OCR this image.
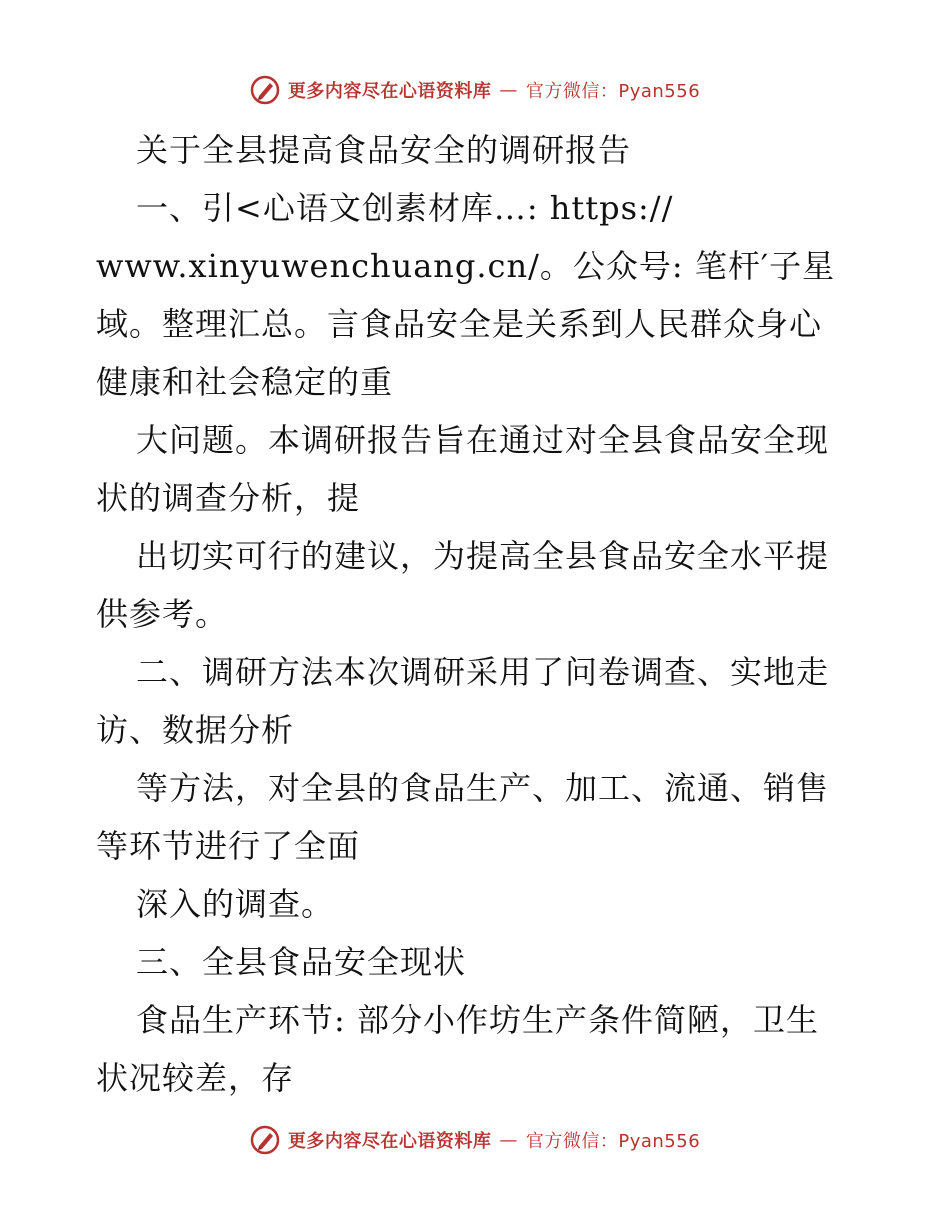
更多内容尽在心语资料库 — 官方微信：Pyan556
关于全县提高食品安全的调研报告
一、引<心语文创素材库…: https://
www.xinyuwenchuang.cn/。公众号: 笔杆′子星
域。整理汇总。言食品安全是关系到人民群众身心
健康和社会稳定的重
大问题。本调研报告旨在通过对全县食品安全现
状的调查分析，提
出切实可行的建议，为提高全县食品安全水平提
供参考。
二、调研方法本次调研采用了问卷调查、实地走
访、数据分析
等方法，对全县的食品生产、加工、流通、销售
等环节进行了全面
深入的调查。
三、全县食品安全现状
食品生产环节: 部分小作坊生产条件简陋，卫生
状况较差，存
更多内容尽在心语资料库 — 官方微信：Pyan556
